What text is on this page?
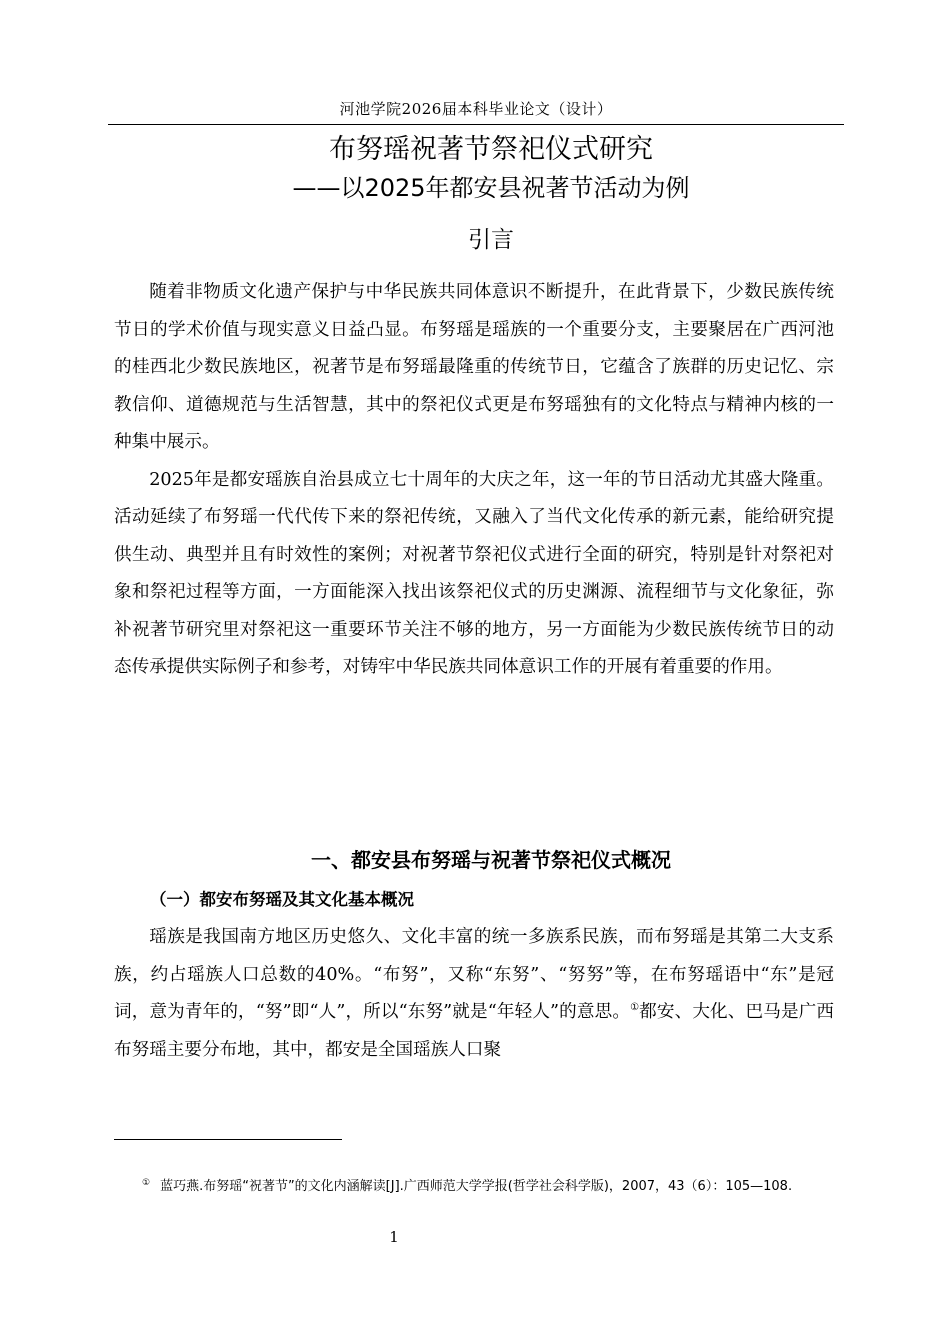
河池学院2026届本科毕业论文（设计）
布努瑶祝著节祭祀仪式研究
——以2025年都安县祝著节活动为例
引言

随着非物质文化遗产保护与中华民族共同体意识不断提升，在此背景下，少数民族传统节日的学术价值与现实意义日益凸显。布努瑶是瑶族的一个重要分支，主要聚居在广西河池的桂西北少数民族地区，祝著节是布努瑶最隆重的传统节日，它蕴含了族群的历史记忆、宗教信仰、道德规范与生活智慧，其中的祭祀仪式更是布努瑶独有的文化特点与精神内核的一种集中展示。

2025年是都安瑶族自治县成立七十周年的大庆之年，这一年的节日活动尤其盛大隆重。活动延续了布努瑶一代代传下来的祭祀传统，又融入了当代文化传承的新元素，能给研究提供生动、典型并且有时效性的案例；对祝著节祭祀仪式进行全面的研究，特别是针对祭祀对象和祭祀过程等方面，一方面能深入找出该祭祀仪式的历史渊源、流程细节与文化象征，弥补祝著节研究里对祭祀这一重要环节关注不够的地方，另一方面能为少数民族传统节日的动态传承提供实际例子和参考，对铸牢中华民族共同体意识工作的开展有着重要的作用。

一、都安县布努瑶与祝著节祭祀仪式概况
（一）都安布努瑶及其文化基本概况

瑶族是我国南方地区历史悠久、文化丰富的统一多族系民族，而布努瑶是其第二大支系族，约占瑶族人口总数的40%。“布努”，又称“东努”、“努努”等，在布努瑶语中“东”是冠词，意为青年的，“努”即“人”，所以“东努”就是“年轻人”的意思。①都安、大化、巴马是广西布努瑶主要分布地，其中，都安是全国瑶族人口聚

① 蓝巧燕.布努瑶“祝著节”的文化内涵解读[J].广西师范大学学报(哲学社会科学版)，2007，43（6）：105—108.
1
